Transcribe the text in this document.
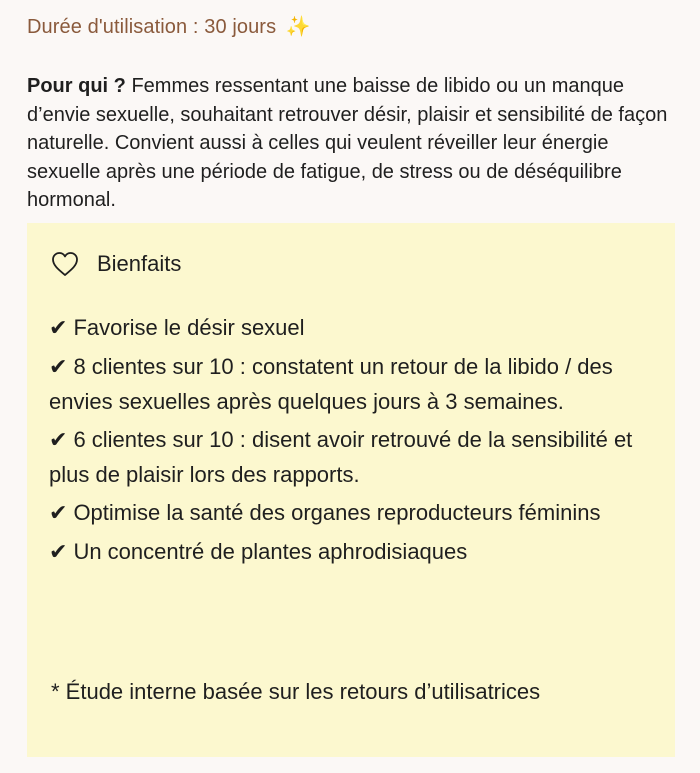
Durée d'utilisation : 30 jours ✨
Pour qui ? Femmes ressentant une baisse de libido ou un manque d’envie sexuelle, souhaitant retrouver désir, plaisir et sensibilité de façon naturelle. Convient aussi à celles qui veulent réveiller leur énergie sexuelle après une période de fatigue, de stress ou de déséquilibre hormonal.
Bienfaits
✔ Favorise le désir sexuel
✔ 8 clientes sur 10 : constatent un retour de la libido / des envies sexuelles après quelques jours à 3 semaines.
✔ 6 clientes sur 10 : disent avoir retrouvé de la sensibilité et plus de plaisir lors des rapports.
✔ Optimise la santé des organes reproducteurs féminins
✔ Un concentré de plantes aphrodisiaques
* Étude interne basée sur les retours d’utilisatrices
